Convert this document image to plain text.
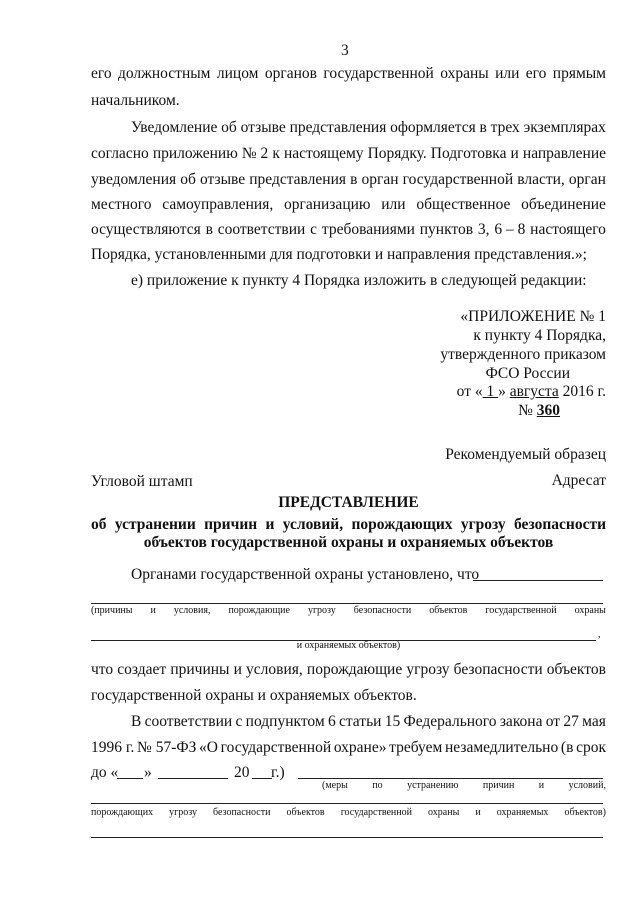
3
его должностным лицом органов государственной охраны или его прямым
начальником.
Уведомление об отзыве представления оформляется в трех экземплярах
согласно приложению № 2 к настоящему Порядку. Подготовка и направление
уведомления об отзыве представления в орган государственной власти, орган
местного самоуправления, организацию или общественное объединение
осуществляются в соответствии с требованиями пунктов 3, 6 – 8 настоящего
Порядка, установленными для подготовки и направления представления.»;
е) приложение к пункту 4 Порядка изложить в следующей редакции:
«ПРИЛОЖЕНИЕ № 1
к пункту 4 Порядка,
утвержденного приказом
ФСО России
от « 1 » августа 2016 г.
№ 360
Рекомендуемый образец
Угловой штамп	Адресат
ПРЕДСТАВЛЕНИЕ
об устранении причин и условий, порождающих угрозу безопасности
объектов государственной охраны и охраняемых объектов
Органами государственной охраны установлено, что
(причины и условия, порождающие угрозу безопасности объектов государственной охраны
,
и охраняемых объектов)
что создает причины и условия, порождающие угрозу безопасности объектов
государственной охраны и охраняемых объектов.
В соответствии с подпунктом 6 статьи 15 Федерального закона от 27 мая
1996 г. № 57-ФЗ «О государственной охране» требуем незамедлительно (в срок
до « »	20 г.)
(меры по устранению причин и условий,
порождающих угрозу безопасности объектов государственной охраны и охраняемых объектов)
